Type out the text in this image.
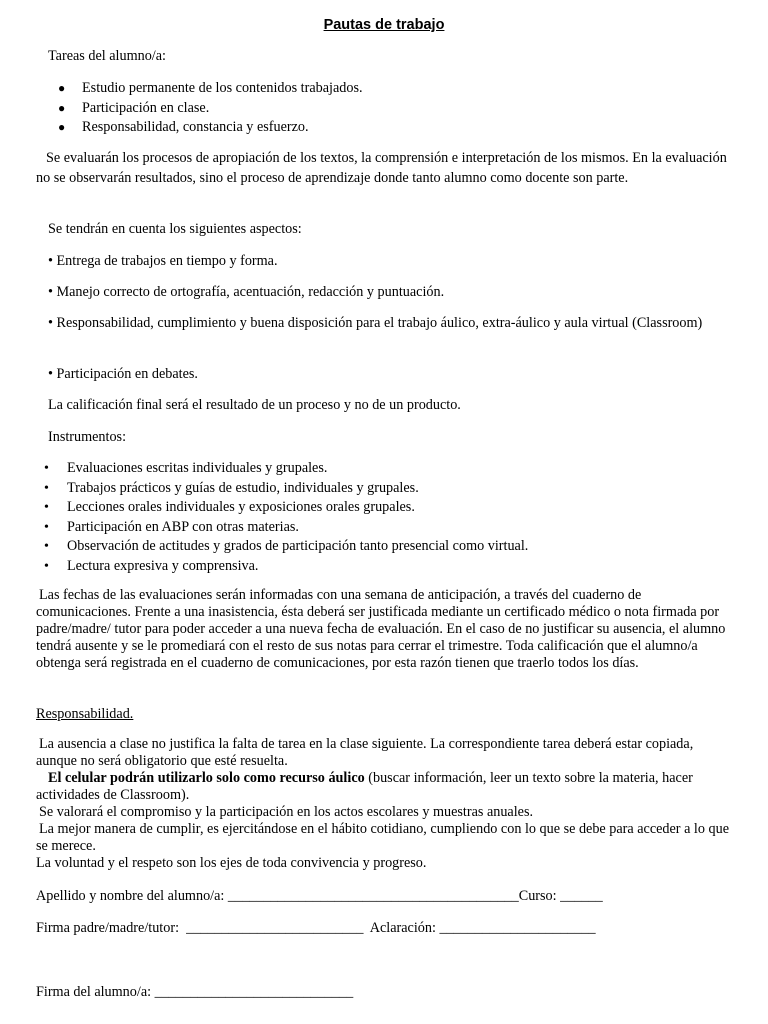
Pautas de trabajo
Tareas del alumno/a:
● Estudio permanente de los contenidos trabajados.
● Participación en clase.
● Responsabilidad, constancia y esfuerzo.
Se evaluarán los procesos de apropiación de los textos, la comprensión e interpretación de los mismos. En la evaluación no se observarán resultados, sino el proceso de aprendizaje donde tanto alumno como docente son parte.
Se tendrán en cuenta los siguientes aspectos:
• Entrega de trabajos en tiempo y forma.
• Manejo correcto de ortografía, acentuación, redacción y puntuación.
• Responsabilidad, cumplimiento y buena disposición para el trabajo áulico, extra-áulico y aula virtual (Classroom)
• Participación en debates.
La calificación final será el resultado de un proceso y no de un producto.
Instrumentos:
• Evaluaciones escritas individuales y grupales.
• Trabajos prácticos y guías de estudio, individuales y grupales.
• Lecciones orales individuales y exposiciones orales grupales.
• Participación en ABP con otras materias.
• Observación de actitudes y grados de participación tanto presencial como virtual.
• Lectura expresiva y comprensiva.
Las fechas de las evaluaciones serán informadas con una semana de anticipación, a través del cuaderno de comunicaciones. Frente a una inasistencia, ésta deberá ser justificada mediante un certificado médico o nota firmada por padre/madre/ tutor para poder acceder a una nueva fecha de evaluación. En el caso de no justificar su ausencia, el alumno tendrá ausente y se le promediará con el resto de sus notas para cerrar el trimestre. Toda calificación que el alumno/a obtenga será registrada en el cuaderno de comunicaciones, por esta razón tienen que traerlo todos los días.
Responsabilidad.
La ausencia a clase no justifica la falta de tarea en la clase siguiente. La correspondiente tarea deberá estar copiada, aunque no será obligatorio que esté resuelta.
El celular podrán utilizarlo solo como recurso áulico (buscar información, leer un texto sobre la materia, hacer actividades de Classroom).
Se valorará el compromiso y la participación en los actos escolares y muestras anuales.
La mejor manera de cumplir, es ejercitándose en el hábito cotidiano, cumpliendo con lo que se debe para acceder a lo que se merece.
La voluntad y el respeto son los ejes de toda convivencia y progreso.
Apellido y nombre del alumno/a: _________________________________________Curso: ______
Firma padre/madre/tutor:  _________________________  Aclaración: ______________________
Firma del alumno/a: ____________________________
